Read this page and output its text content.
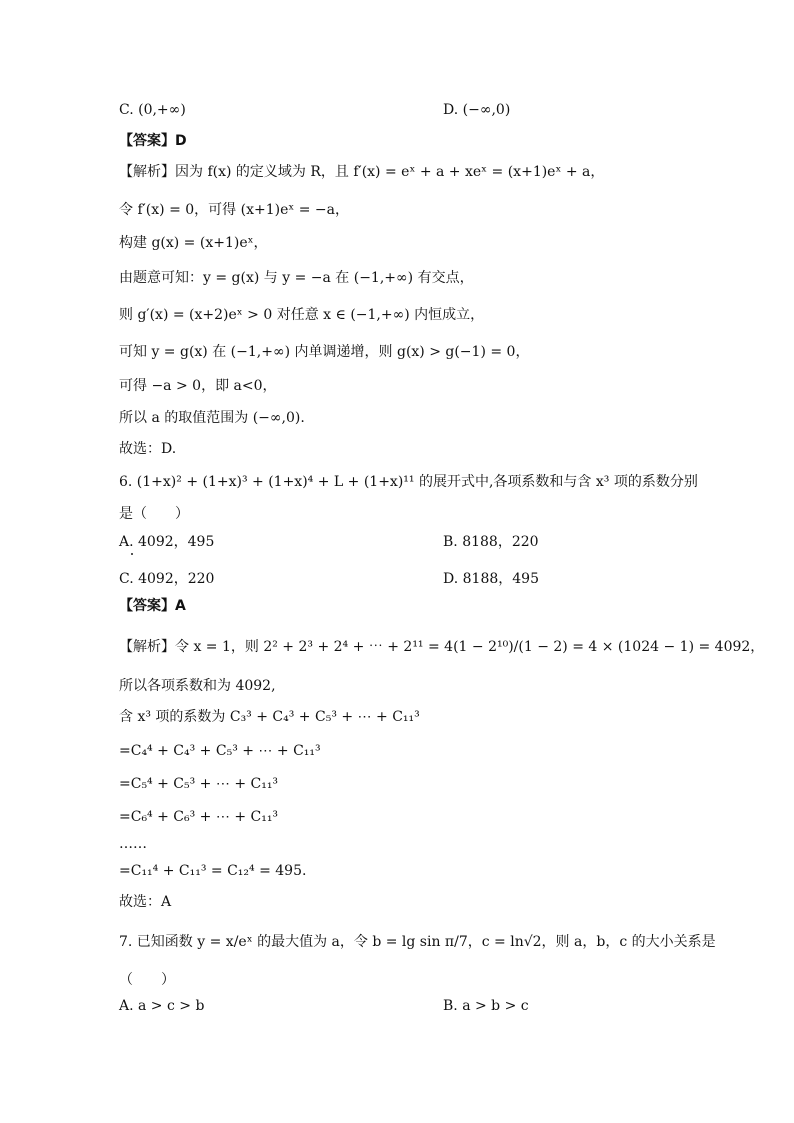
C. (0,+∞)	D. (−∞,0)
【答案】D
【解析】因为 f(x) 的定义域为 R，且 f′(x) = eˣ + a + xeˣ = (x+1)eˣ + a，
令 f′(x) = 0，可得 (x+1)eˣ = −a，
构建 g(x) = (x+1)eˣ，
由题意可知：y = g(x) 与 y = −a 在 (−1,+∞) 有交点，
则 g′(x) = (x+2)eˣ > 0 对任意 x ∈ (−1,+∞) 内恒成立，
可知 y = g(x) 在 (−1,+∞) 内单调递增，则 g(x) > g(−1) = 0，
可得 −a > 0，即 a<0，
所以 a 的取值范围为 (−∞,0).
故选：D.
6. (1+x)² + (1+x)³ + (1+x)⁴ + L + (1+x)¹¹ 的展开式中,各项系数和与含 x³ 项的系数分别
是（　　）
A. 4092，495	B. 8188，220
C. 4092，220	D. 8188，495
【答案】A
【解析】令 x = 1，则 2² + 2³ + 2⁴ + ⋯ + 2¹¹ = 4(1 − 2¹⁰)/(1 − 2) = 4 × (1024 − 1) = 4092，
所以各项系数和为 4092,
含 x³ 项的系数为 C₃³ + C₄³ + C₅³ + ⋯ + C₁₁³
=C₄⁴ + C₄³ + C₅³ + ⋯ + C₁₁³
=C₅⁴ + C₅³ + ⋯ + C₁₁³
=C₆⁴ + C₆³ + ⋯ + C₁₁³
……
=C₁₁⁴ + C₁₁³ = C₁₂⁴ = 495.
故选：A
7. 已知函数 y = x/eˣ 的最大值为 a，令 b = lg sin π/7，c = ln√2，则 a，b，c 的大小关系是
（　　）
A. a > c > b	B. a > b > c
